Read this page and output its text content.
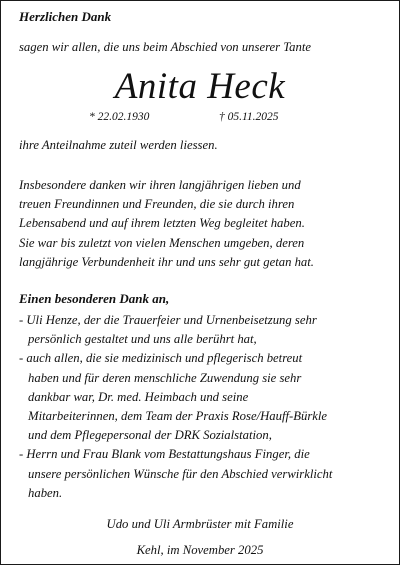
Herzlichen Dank
sagen wir allen, die uns beim Abschied von unserer Tante
Anita Heck
* 22.02.1930	† 05.11.2025
ihre Anteilnahme zuteil werden liessen.
Insbesondere danken wir ihren langjährigen lieben und
treuen Freundinnen und Freunden, die sie durch ihren
Lebensabend und auf ihrem letzten Weg begleitet haben.
Sie war bis zuletzt von vielen Menschen umgeben, deren
langjährige Verbundenheit ihr und uns sehr gut getan hat.
Einen besonderen Dank an,
- Uli Henze, der die Trauerfeier und Urnenbeisetzung sehr
persönlich gestaltet und uns alle berührt hat,
- auch allen, die sie medizinisch und pflegerisch betreut
haben und für deren menschliche Zuwendung sie sehr
dankbar war, Dr. med. Heimbach und seine
Mitarbeiterinnen, dem Team der Praxis Rose/Hauff-Bürkle
und dem Pflegepersonal der DRK Sozialstation,
- Herrn und Frau Blank vom Bestattungshaus Finger, die
unsere persönlichen Wünsche für den Abschied verwirklicht
haben.
Udo und Uli Armbrüster mit Familie
Kehl, im November 2025
